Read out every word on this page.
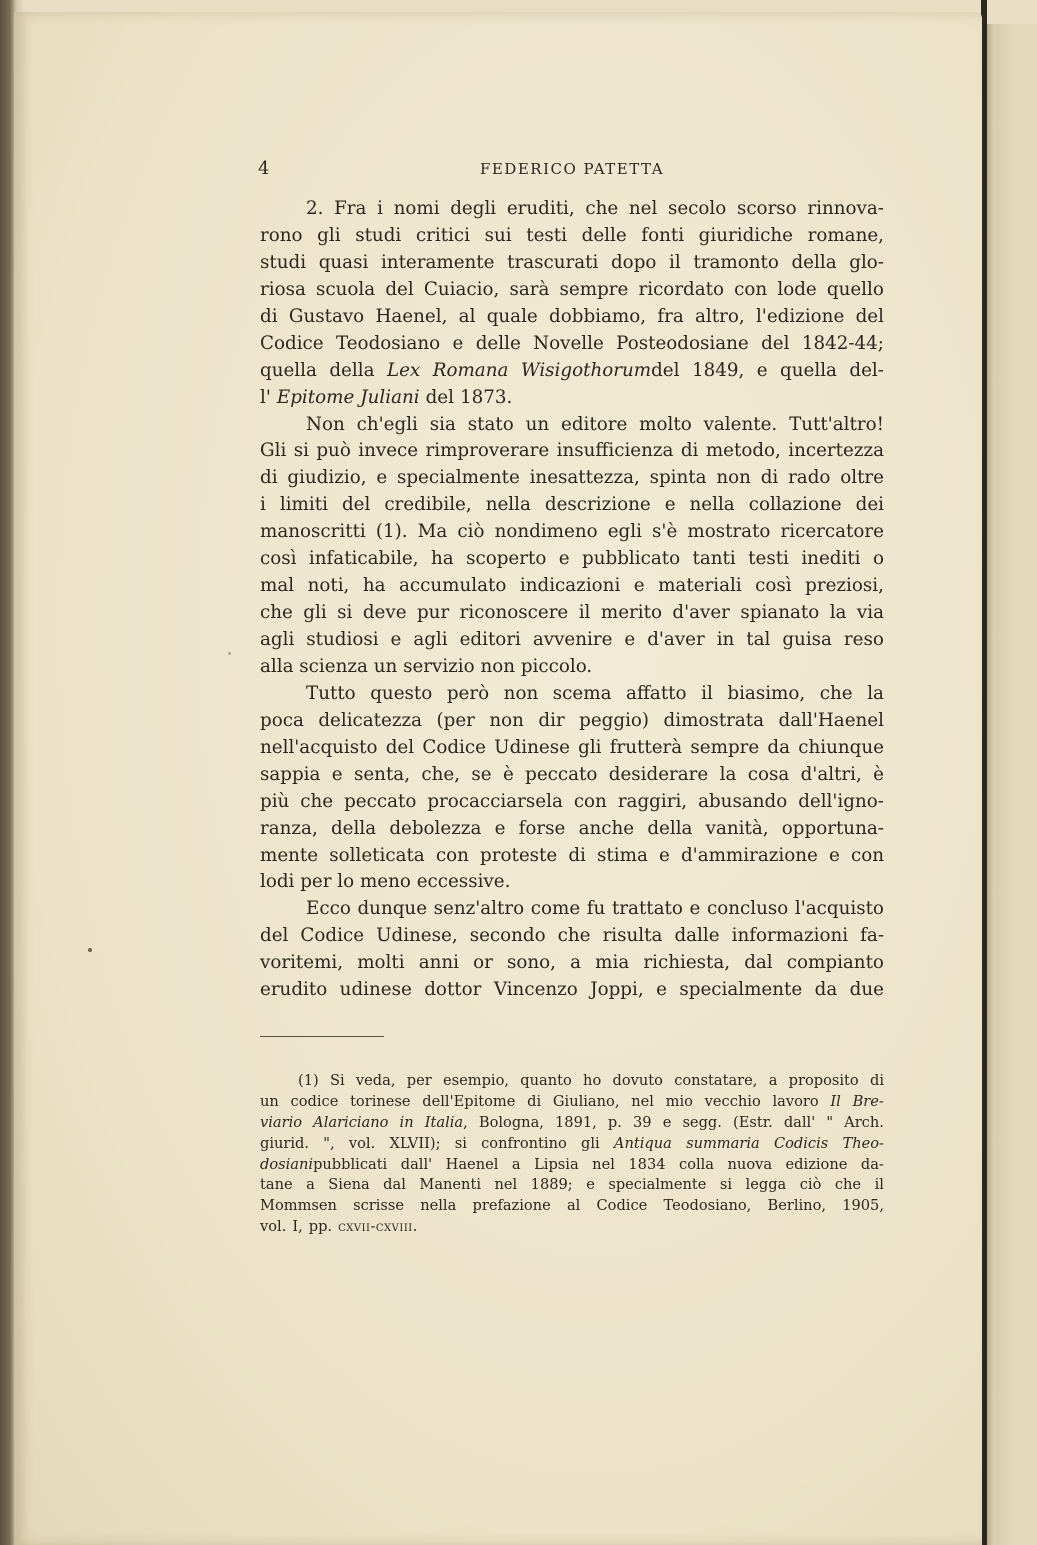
4	FEDERICO PATETTA
2. Fra i nomi degli eruditi, che nel secolo scorso rinnova-
rono gli studi critici sui testi delle fonti giuridiche romane,
studi quasi interamente trascurati dopo il tramonto della glo-
riosa scuola del Cuiacio, sarà sempre ricordato con lode quello
di Gustavo Haenel, al quale dobbiamo, fra altro, l'edizione del
Codice Teodosiano e delle Novelle Posteodosiane del 1842-44;
quella della Lex Romana Wisigothorumdel 1849, e quella del-
l' Epitome Juliani del 1873.
Non ch'egli sia stato un editore molto valente. Tutt'altro!
Gli si può invece rimproverare insufficienza di metodo, incertezza
di giudizio, e specialmente inesattezza, spinta non di rado oltre
i limiti del credibile, nella descrizione e nella collazione dei
manoscritti (1). Ma ciò nondimeno egli s'è mostrato ricercatore
così infaticabile, ha scoperto e pubblicato tanti testi inediti o
mal noti, ha accumulato indicazioni e materiali così preziosi,
che gli si deve pur riconoscere il merito d'aver spianato la via
agli studiosi e agli editori avvenire e d'aver in tal guisa reso
alla scienza un servizio non piccolo.
Tutto questo però non scema affatto il biasimo, che la
poca delicatezza (per non dir peggio) dimostrata dall'Haenel
nell'acquisto del Codice Udinese gli frutterà sempre da chiunque
sappia e senta, che, se è peccato desiderare la cosa d'altri, è
più che peccato procacciarsela con raggiri, abusando dell'igno-
ranza, della debolezza e forse anche della vanità, opportuna-
mente solleticata con proteste di stima e d'ammirazione e con
lodi per lo meno eccessive.
Ecco dunque senz'altro come fu trattato e concluso l'acquisto
del Codice Udinese, secondo che risulta dalle informazioni fa-
voritemi, molti anni or sono, a mia richiesta, dal compianto
erudito udinese dottor Vincenzo Joppi, e specialmente da due
(1) Si veda, per esempio, quanto ho dovuto constatare, a proposito di
un codice torinese dell'Epitome di Giuliano, nel mio vecchio lavoro Il Bre-
viario Alariciano in Italia, Bologna, 1891, p. 39 e segg. (Estr. dall' " Arch.
giurid. ", vol. XLVII); si confrontino gli Antiqua summaria Codicis Theo-
dosianipubblicati dall' Haenel a Lipsia nel 1834 colla nuova edizione da-
tane a Siena dal Manenti nel 1889; e specialmente si legga ciò che il
Mommsen scrisse nella prefazione al Codice Teodosiano, Berlino, 1905,
vol. I, pp. cxvii-cxviii.
